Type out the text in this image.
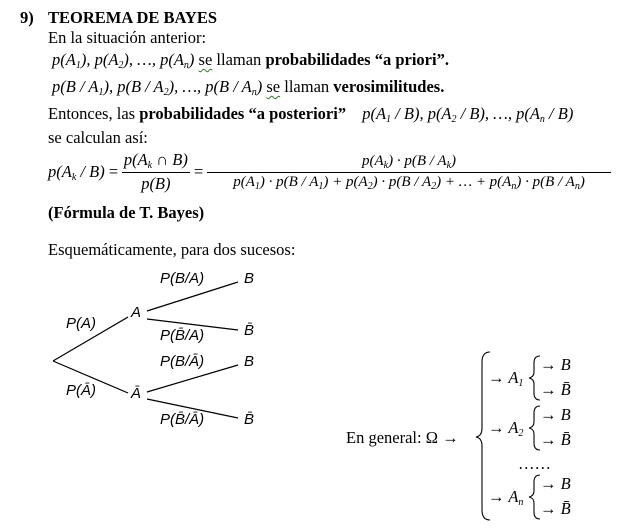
9) TEOREMA DE BAYES
En la situación anterior:
$p(A_1)$, $p(A_2)$, …, $p(A_n)$ se llaman probabilidades “a priori”.
$p(B / A_1)$, $p(B / A_2)$, …, $p(B / A_n)$ se llaman verosimilitudes.
Entonces, las probabilidades “a posteriori” $p(A_1 / B)$, $p(A_2 / B)$, …, $p(A_n / B)$
se calculan así:
$p(A_k / B) = \frac{p(A_k \cap B)}{p(B)}$ =
$p(A_k) \cdot p(B / A_k)$
$p(A_1) \cdot p(B / A_1) + p(A_2) \cdot p(B / A_2)$ + … + $p(A_n) \cdot p(B / A_n)$
(Fórmula de T. Bayes)
Esquemáticamente, para dos sucesos:
P(A)
P(Ā)
A
Ā
P(B/A)	B
P(B̄/A)	B̄
P(B/Ā)	B
P(B̄/Ā)	B̄
En general: Ω →
→ $A_1$
→ B
→ B̄
→ $A_2$
→ B
→ B̄
……
→ $A_n$
→ B
→ B̄
